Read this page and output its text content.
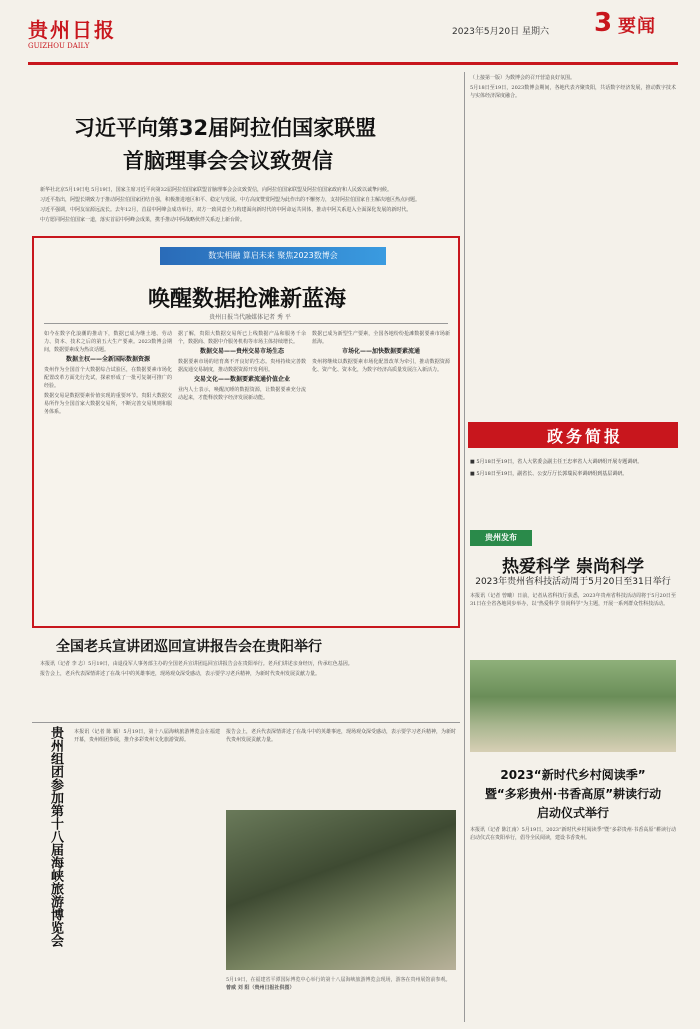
贵州日报
GUIZHOU DAILY
2023年5月20日 星期六 3 要闻
习近平向第32届阿拉伯国家联盟
首脑理事会会议致贺信
新华社北京5月19日电 5月19日，国家主席习近平向第32届阿拉伯国家联盟首脑理事会会议致贺信，向阿拉伯国家联盟及阿拉伯国家政府和人民致以诚挚问候。
习近平指出，阿盟长期致力于推动阿拉伯国家团结自强，积极推进地区和平、稳定与发展。中方高度赞赏阿盟为此作出的不懈努力，支持阿拉伯国家自主解决地区热点问题。
习近平强调，中阿友谊源远流长。去年12月，首届中阿峰会成功举行，双方一致同意全力构建面向新时代的中阿命运共同体，推动中阿关系进入全面深化发展的新时代。
中方愿同阿拉伯国家一道，落实首届中阿峰会成果，携手推动中阿战略伙伴关系迈上新台阶。
数实相融 算启未来 聚焦2023数博会
唤醒数据抢滩新蓝海
贵州日报当代融媒体记者 秀 平
如今在数字化浪潮的推动下，数据已成为继土地、劳动力、资本、技术之后的第五大生产要素。2023数博会期间，数据要素成为热议话题。
数据主权——全新国际数据资源
贵州作为全国首个大数据综合试验区，在数据要素市场化配置改革方面先行先试，探索形成了一批可复制可推广的经验。
数据交易是数据要素价值实现的重要环节。贵阳大数据交易所作为全国首家大数据交易所，不断完善交易规则和服务体系。
据了解，贵阳大数据交易所已上线数据产品和服务千余个，数据商、数据中介服务机构等市场主体持续增长。
数据交易——贵州交易市场生态
数据要素市场的培育离不开良好的生态。贵州持续完善数据流通交易制度，推动数据资源开发利用。
交易文化——数据要素流通价值企业
业内人士表示，唤醒沉睡的数据资源，让数据要素充分流动起来，才能释放数字经济发展新动能。
数据已成为新型生产要素，全国各地纷纷抢滩数据要素市场新蓝海。
市场化——加快数据要素流通
贵州将继续以数据要素市场化配置改革为牵引，推动数据资源化、资产化、资本化，为数字经济高质量发展注入新活力。
（上接第一版）为数博会的召开营造良好氛围。
5月18日至19日，2023数博会期间，各地代表齐聚贵阳，共话数字经济发展，推动数字技术与实体经济深度融合。
政务简报
■ 5月18日至19日，省人大常委会副主任王忠率省人大调研组开展专题调研。
■ 5月18日至19日，副省长、公安厅厅长郭瑞民率调研组到基层调研。
贵州发布
热爱科学 崇尚科学
2023年贵州省科技活动周于5月20日至31日举行
本报讯（记者 曾曦）日前，记者从省科技厅获悉，2023年贵州省科技活动周将于5月20日至31日在全省各地同步举办，以“热爱科学 崇尚科学”为主题，开展一系列群众性科技活动。
2023“新时代乡村阅读季”
暨“多彩贵州·书香高原”耕读行动
启动仪式举行
本报讯（记者 陈江南）5月19日，2023“新时代乡村阅读季”暨“多彩贵州·书香高原”耕读行动启动仪式在贵阳举行，倡导全民阅读，建设书香贵州。
全国老兵宣讲团巡回宣讲报告会在贵阳举行
本报讯（记者 李 志）5月19日，由退役军人事务部主办的全国老兵宣讲团巡回宣讲报告会在贵阳举行。老兵们讲述亲身经历，传承红色基因。
报告会上，老兵代表深情讲述了在战斗中的英雄事迹，现场观众深受感动，表示要学习老兵精神，为新时代贵州发展贡献力量。
贵州组团参加第十八届海峡旅游博览会 本报讯（记者 陈 颖）5月19日，第十八届海峡旅游博览会在福建开幕，贵州组团参展，推介多彩贵州文化旅游资源。
报告会上，老兵代表深情讲述了在战斗中的英雄事迹，现场观众深受感动，表示要学习老兵精神，为新时代贵州发展贡献力量。
5月19日，在福建省平潭国际博览中心举行的第十八届海峡旅游博览会现场，游客在贵州展馆前参观。 曾威 刘 阳（贵州日报社供图）
